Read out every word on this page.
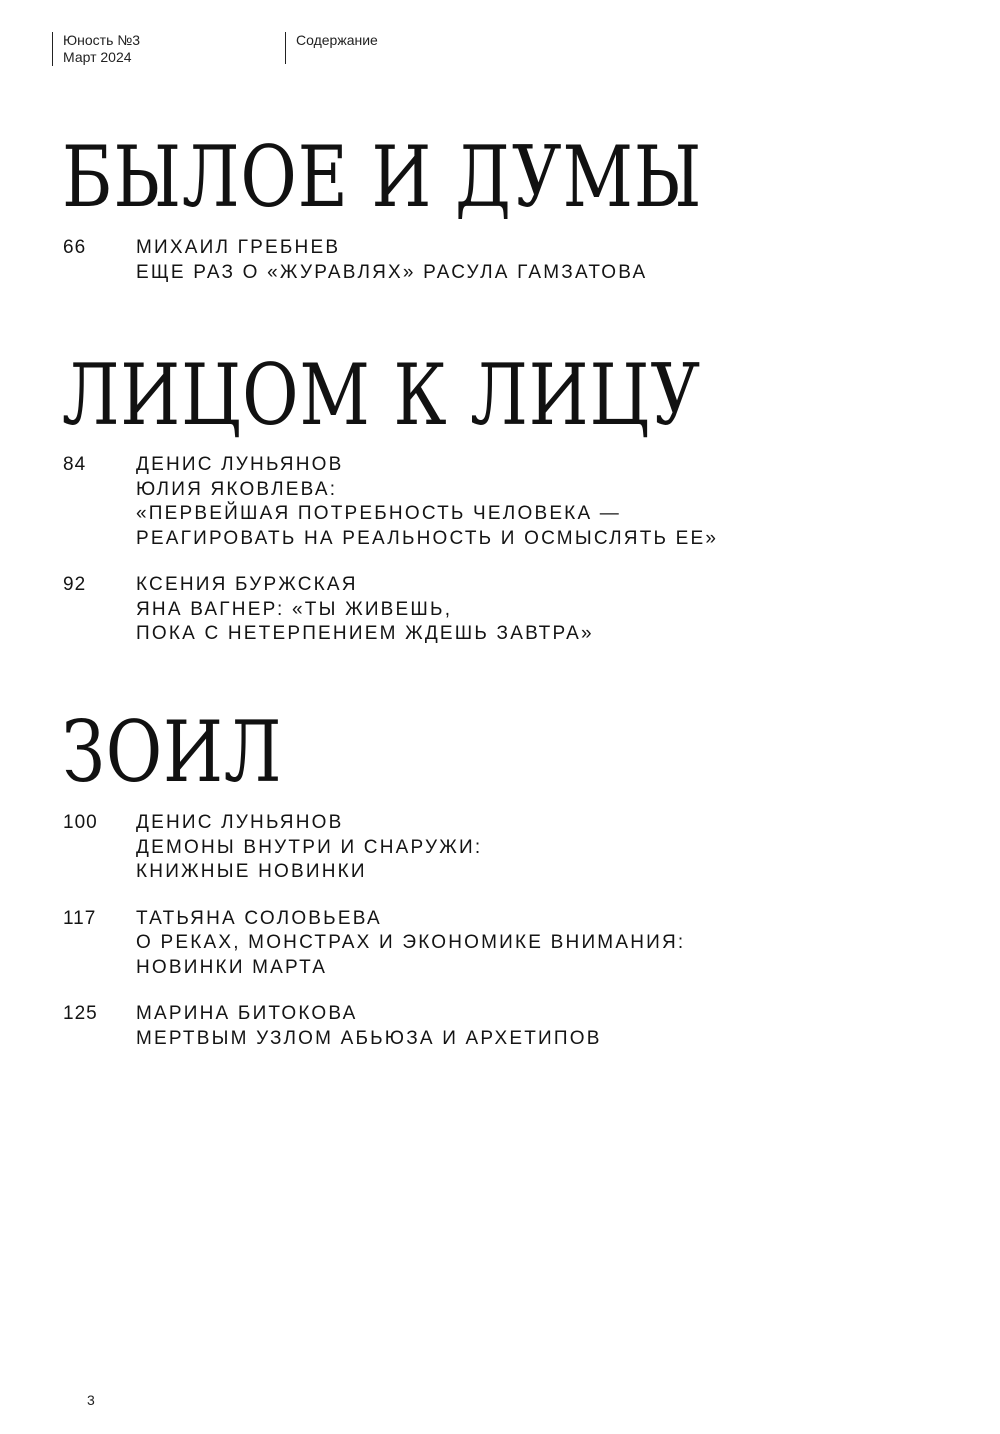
Юность №3
Март 2024
Содержание
БЫЛОЕ И ДУМЫ
66	МИХАИЛ ГРЕБНЕВ
ЕЩЕ РАЗ О «ЖУРАВЛЯХ» РАСУЛА ГАМЗАТОВА
ЛИЦОМ К ЛИЦУ
84	ДЕНИС ЛУНЬЯНОВ
ЮЛИЯ ЯКОВЛЕВА:
«ПЕРВЕЙШАЯ ПОТРЕБНОСТЬ ЧЕЛОВЕКА —
РЕАГИРОВАТЬ НА РЕАЛЬНОСТЬ И ОСМЫСЛЯТЬ ЕЕ»
92	КСЕНИЯ БУРЖСКАЯ
ЯНА ВАГНЕР: «ТЫ ЖИВЕШЬ,
ПОКА С НЕТЕРПЕНИЕМ ЖДЕШЬ ЗАВТРА»
ЗОИЛ
100 ДЕНИС ЛУНЬЯНОВ
ДЕМОНЫ ВНУТРИ И СНАРУЖИ:
КНИЖНЫЕ НОВИНКИ
117 ТАТЬЯНА СОЛОВЬЕВА
О РЕКАХ, МОНСТРАХ И ЭКОНОМИКЕ ВНИМАНИЯ:
НОВИНКИ МАРТА
125 МАРИНА БИТОКОВА
МЕРТВЫМ УЗЛОМ АБЬЮЗА И АРХЕТИПОВ
3
